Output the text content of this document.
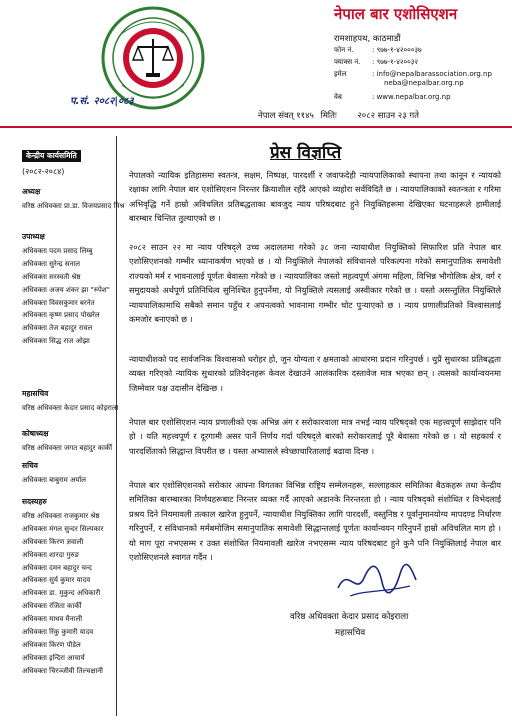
नेपाल बार एशोसिएशन
रामशाहपथ, काठमाडौं
फोन नं.	: ९७७-१-४२०००३७
फ्याक्स नं. : ९७७-१-४२००३२
इमेल	: info@nepalbarassociation.org.np
neba@nepalbar.org.np
वेब	: www.nepalbar.org.np
प.सं. २०८२|०८३
नेपाल संवत् ११४५ मितिः २०८२ साउन २३ गते
केन्द्रीय कार्यसमिति
(२०८२-२०८४)
अध्यक्ष
वरिष्ठ अधिवक्ता प्रा.डा. विजयप्रसाद मिश्र
उपाध्यक्ष
अधिवक्ता पदम प्रसाद लिम्बु
अधिवक्ता सुरेन्द्र सनाल
अधिवक्ता सरस्वती श्रेष्ठ
अधिवक्ता अजय शंकर झा "रुपेश"
अधिवक्ता विवसकुमार बरनेत
अधिवक्ता कृष्ण प्रसाद पोखरेल
अधिवक्ता तेज बहादुर रावल
अधिवक्ता सिद्ध राज ओझा
महासचिव
वरिष्ठ अधिवक्ता केदार प्रसाद कोइराला
कोषाध्यक्ष
वरिष्ठ अधिवक्ता जगत बहादुर कार्की
सचिव
अधिवक्ता बाबुराम अर्याल
सदस्यहरु
वरिष्ठ अधिवक्ता राजकुमार श्रेष्ठ
अधिवक्ता मंगल सुन्दर सिल्पकार
अधिवक्ता किरण ज्ञवाली
अधिवक्ता शारदा गुरुङ
अधिवक्ता दमन बहादुर चन्द
अधिवक्ता सुर्य कुमार यादव
अधिवक्ता डा. मुकुन्द अधिकारी
अधिवक्ता रंजिता कार्की
अधिवक्ता माधव मैनाली
अधिवक्ता रिंकु कुमारी यादव
अधिवक्ता किरण पौडेल
अधिवक्ता इन्दिरा आचार्य
अधिवक्ता चिरञ्जीवी तिल्चक्षानी
प्रेस विज्ञप्ति
नेपालको न्यायिक इतिहासमा स्वतन्त्र, सक्षम, निष्पक्ष, पारदर्शी र जवाफदेही न्यायपालिकाको स्थापना तथा कानून र न्यायको रक्षाका लागि नेपाल बार एशोसिएशन निरन्तर क्रियाशील रहँदै आएको व्यहोरा सर्वविदितै छ । न्यायपालिकाको स्वतन्त्रता र गरिमा अभिवृद्धि गर्ने हाम्रो अविचलित प्रतिबद्धताका बावजुद न्याय परिषदबाट हुने नियुक्तिहरूमा देखिएका घटनाहरूले हामीलाई बारम्बार चिन्तित तुल्याएको छ ।
२०८२ साउन २२ मा न्याय परिषद्ले उच्च अदालतमा गरेको ३८ जना न्यायाधीश नियुक्तिको सिफारिश प्रति नेपाल बार एशोसिएशनको गम्भीर ध्यानाकर्षण भएको छ । यो नियुक्तिले नेपालको संविधानले परिकल्पना गरेको समानुपातिक समावेशी राज्यको मर्म र भावनालाई पूर्णतः बेवास्ता गरेको छ । न्यायपालिका जस्तो महत्वपूर्ण अंगमा महिला, विभिन्न भौगोलिक क्षेत्र, वर्ग र समुदायको अर्थपूर्ण प्रतिनिधित्व सुनिश्चित हुनुपर्नेमा, यो नियुक्तिले त्यसलाई अस्वीकार गरेको छ । यस्तो असन्तुलित नियुक्तिले न्यायपालिकामाथि सबैको समान पहुँच र अपनत्वको भावनामा गम्भीर चोट पुऱ्याएको छ । न्याय प्रणालीप्रतिको विश्वासलाई कमजोर बनाएको छ ।
न्यायाधीशको पद सार्वजनिक विश्वासको धरोहर हो, जुन योग्यता र क्षमताको आधारमा प्रदान गरिनुपर्छ । थुप्रै सुधारका प्रतिबद्धता व्यक्त गरिएको न्यायिक सुधारको प्रतिवेदनहरू केवल देखाउने आलंकारिक दस्तावेज मात्र भएका छन् । त्यसको कार्यान्वयनमा जिम्मेवार पक्ष उदासीन देखिन्छ ।
नेपाल बार एशोसिएशन न्याय प्रणालीको एक अभिन्न अंग र सरोकारवाला मात्र नभई न्याय परिषद्को एक महत्त्वपूर्ण साझेदार पनि हो । यति महत्त्वपूर्ण र दूरगामी असर पार्ने निर्णय गर्दा परिषद्ले बारको सरोकारलाई पूरै बेवास्ता गरेको छ । यो सहकार्य र पारदर्शिताको सिद्धान्त विपरीत छ । यस्ता अभ्यासले स्वेच्छाचारितालाई बढावा दिन्छ ।
नेपाल बार एशोसिएशनको सरोकार आफ्ना विगतका विभिन्न राष्ट्रिय सम्मेलनहरू, सल्लाहकार समितिका बैठकहरू तथा केन्द्रीय समितिका बारम्बारका निर्णयहरूबाट निरन्तर व्यक्त गर्दै आएको अडानके निरन्तरता हो । न्याय परिषद्को संशोधित र विभेदलाई प्रश्रय दिने नियमावली तत्काल खारेज हुनुपर्ने, न्यायाधीश नियुक्तिका लागि पारदर्शी, वस्तुनिष्ठ र पूर्वानुमानयोग्य मापदण्ड निर्धारण गरिनुपर्ने, र संविधानको मर्मबमोजिम समानुपातिक समावेशी सिद्धान्तलाई पूर्णतः कार्यान्वयन गरिनुपर्ने हाम्रो अविचलित माग हो । यो माग पूरा नभएसम्म र उक्त संशोधित नियमावली खारेज नभएसम्म न्याय परिषदबाट हुने कुनै पनि नियुक्तिलाई नेपाल बार एशोसिएशनले स्वागत गर्दैन ।
वरिष्ठ अधिवक्ता केदार प्रसाद कोइराला
महासचिव
